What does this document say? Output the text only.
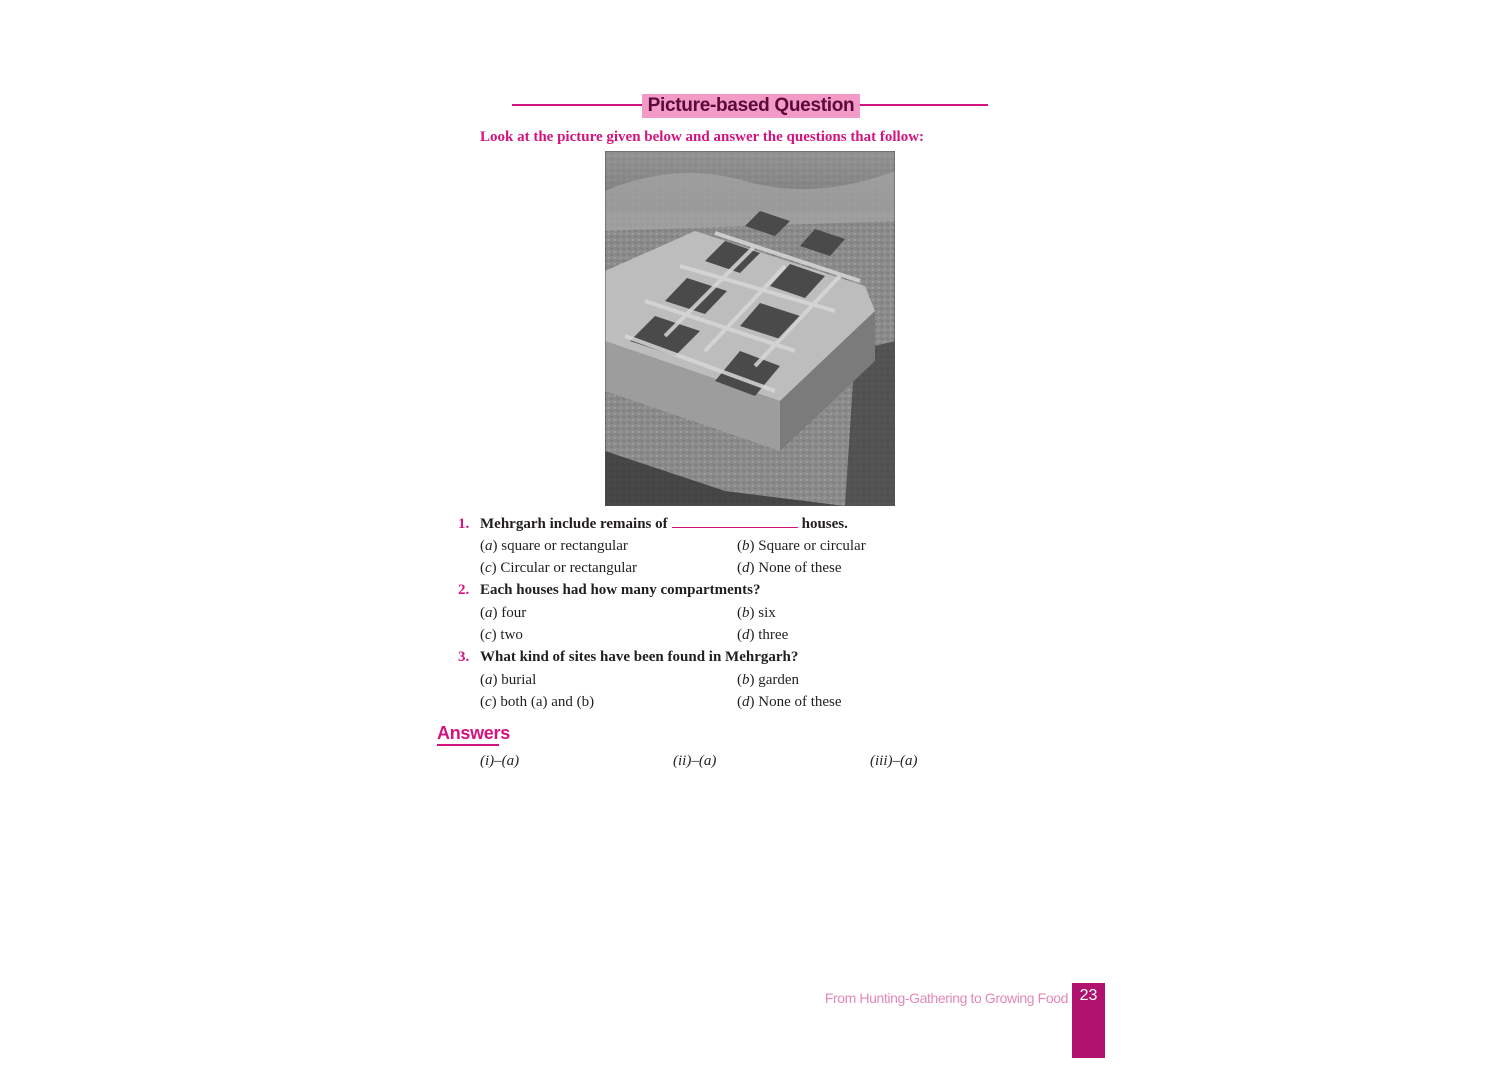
Picture-based Question
Look at the picture given below and answer the questions that follow:
1. Mehrgarh include remains of	houses.
(a) square or rectangular	(b) Square or circular
(c) Circular or rectangular	(d) None of these
2. Each houses had how many compartments?
(a) four	(b) six
(c) two	(d) three
3. What kind of sites have been found in Mehrgarh?
(a) burial	(b) garden
(c) both (a) and (b)	(d) None of these
Answers
(i)–(a)	(ii)–(a)	(iii)–(a)
From Hunting-Gathering to Growing Food 23
